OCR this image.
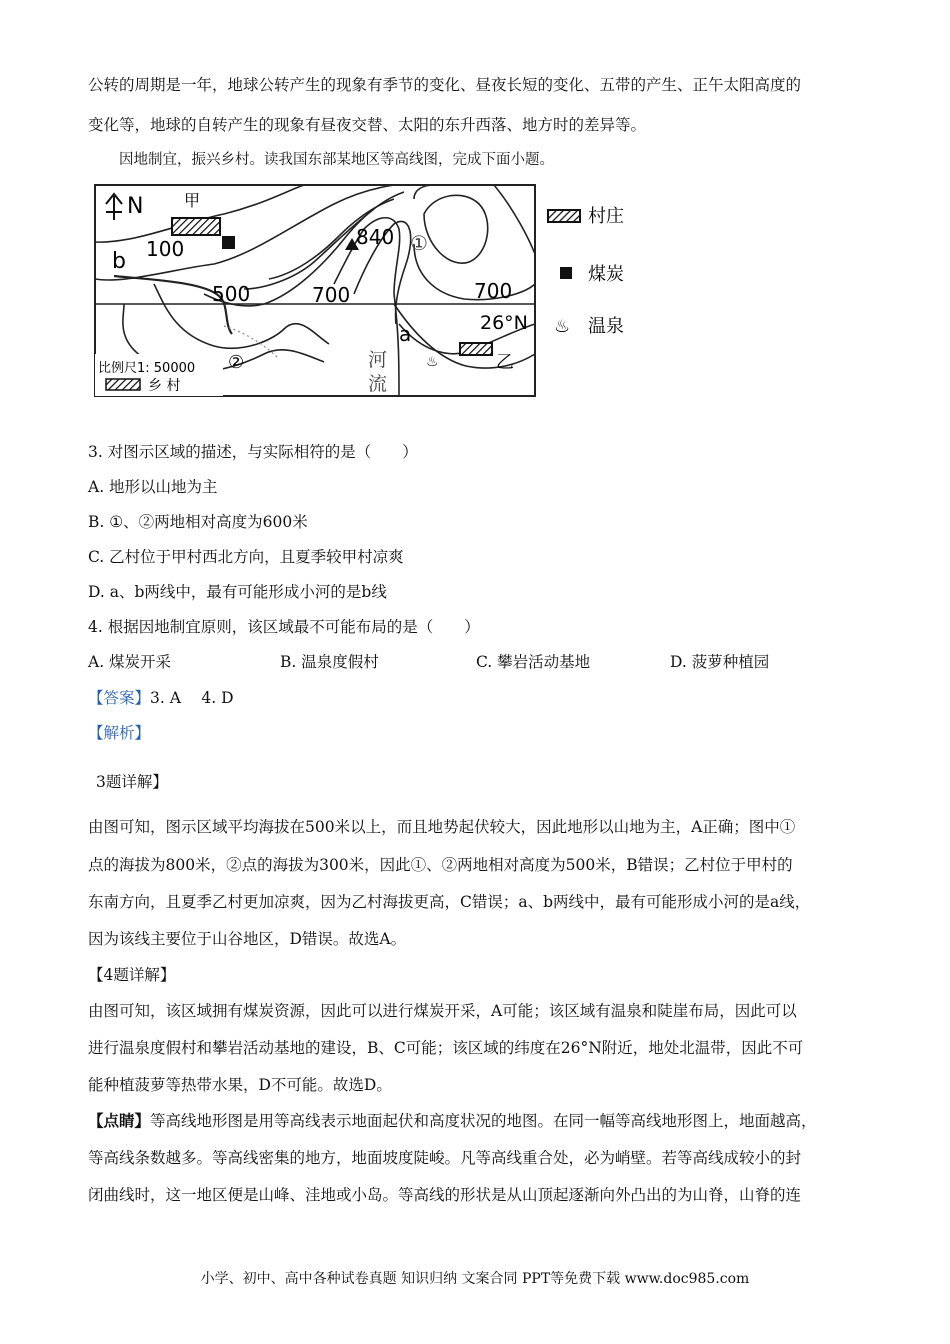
公转的周期是一年，地球公转产生的现象有季节的变化、昼夜长短的变化、五带的产生、正午太阳高度的
变化等，地球的自转产生的现象有昼夜交替、太阳的东升西落、地方时的差异等。
因地制宜，振兴乡村。读我国东部某地区等高线图，完成下面小题。
N	甲
100
b
500	700
840 ①
700
26°N
a
♨	乙
②	河
流
比例尺1: 50000
乡 村
村庄
煤炭
♨ 温泉
3. 对图示区域的描述，与实际相符的是（　　）
A. 地形以山地为主
B. ①、②两地相对高度为600米
C. 乙村位于甲村西北方向，且夏季较甲村凉爽
D. a、b两线中，最有可能形成小河的是b线
4. 根据因地制宜原则，该区域最不可能布局的是（　　）
A. 煤炭开采	B. 温泉度假村	C. 攀岩活动基地	D. 菠萝种植园
【答案】3. A　 4. D
【解析】
3题详解】
由图可知，图示区域平均海拔在500米以上，而且地势起伏较大，因此地形以山地为主，A正确；图中①
点的海拔为800米，②点的海拔为300米，因此①、②两地相对高度为500米，B错误；乙村位于甲村的
东南方向，且夏季乙村更加凉爽，因为乙村海拔更高，C错误；a、b两线中，最有可能形成小河的是a线，
因为该线主要位于山谷地区，D错误。故选A。
【4题详解】
由图可知，该区域拥有煤炭资源，因此可以进行煤炭开采，A可能；该区域有温泉和陡崖布局，因此可以
进行温泉度假村和攀岩活动基地的建设，B、C可能；该区域的纬度在26°N附近，地处北温带，因此不可
能种植菠萝等热带水果，D不可能。故选D。
【点睛】等高线地形图是用等高线表示地面起伏和高度状况的地图。在同一幅等高线地形图上，地面越高，
等高线条数越多。等高线密集的地方，地面坡度陡峻。凡等高线重合处，必为峭壁。若等高线成较小的封
闭曲线时，这一地区便是山峰、洼地或小岛。等高线的形状是从山顶起逐渐向外凸出的为山脊，山脊的连
小学、初中、高中各种试卷真题 知识归纳 文案合同 PPT等免费下载 www.doc985.com
